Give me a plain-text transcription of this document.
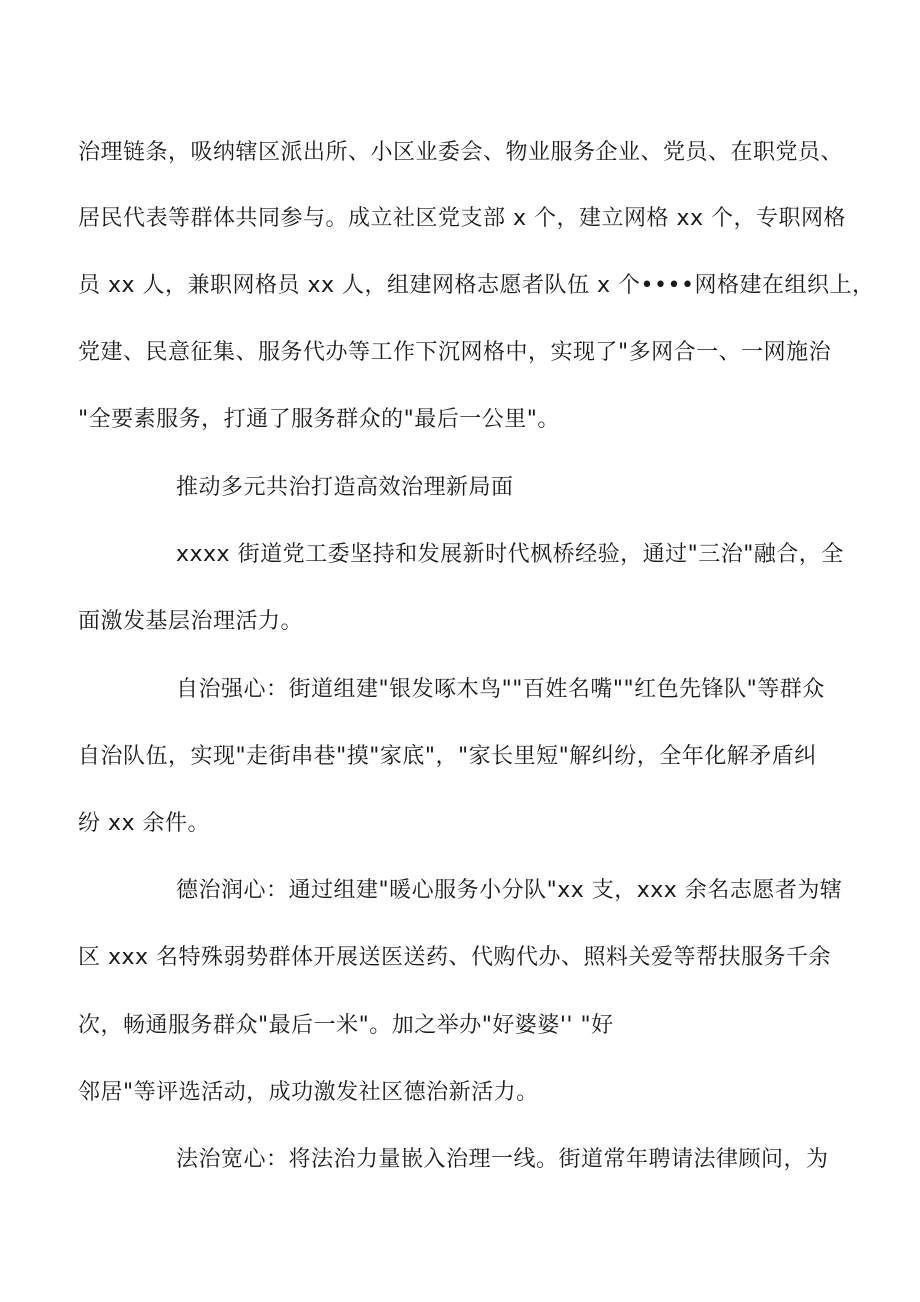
治理链条，吸纳辖区派出所、小区业委会、物业服务企业、党员、在职党员、
居民代表等群体共同参与。成立社区党支部 x 个，建立网格 xx 个，专职网格
员 xx 人，兼职网格员 xx 人，组建网格志愿者队伍 x 个••••网格建在组织上，
党建、民意征集、服务代办等工作下沉网格中，实现了"多网合一、一网施治
"全要素服务，打通了服务群众的"最后一公里"。
推动多元共治打造高效治理新局面
xxxx 街道党工委坚持和发展新时代枫桥经验，通过"三治"融合，全
面激发基层治理活力。
自治强心：街道组建"银发啄木鸟""百姓名嘴""红色先锋队"等群众
自治队伍，实现"走街串巷"摸"家底"，"家长里短"解纠纷，全年化解矛盾纠
纷 xx 余件。
德治润心：通过组建"暖心服务小分队"xx 支，xxx 余名志愿者为辖
区 xxx 名特殊弱势群体开展送医送药、代购代办、照料关爱等帮扶服务千余
次，畅通服务群众"最后一米"。加之举办"好婆婆'' "好
邻居"等评选活动，成功激发社区德治新活力。
法治宽心：将法治力量嵌入治理一线。街道常年聘请法律顾问，为
